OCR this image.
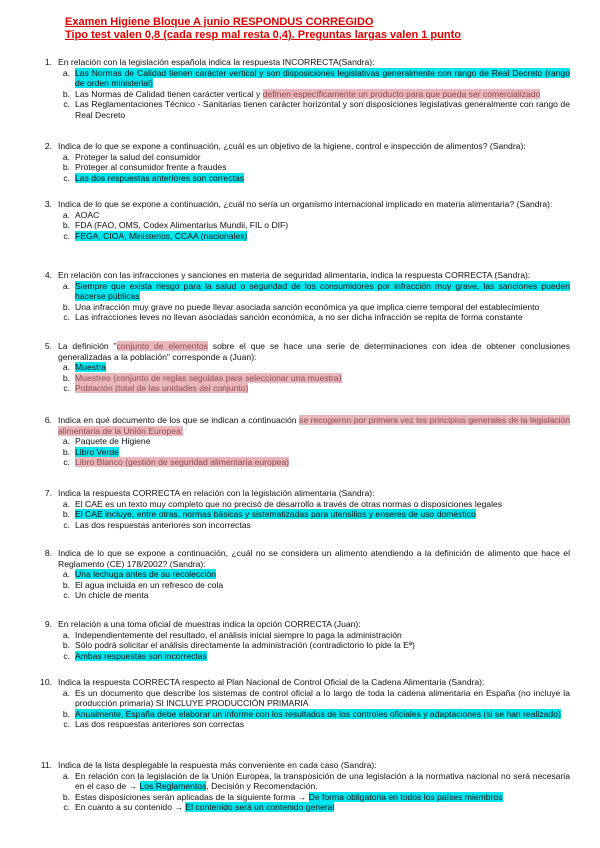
Examen Higiene Bloque A junio RESPONDUS CORREGIDO
Tipo test valen 0,8 (cada resp mal resta 0,4). Preguntas largas valen 1 punto
1. En relación con la legislación española indica la respuesta INCORRECTA(Sandra):
a. Las Normas de Calidad tienen carácter vertical y son disposiciones legislativas generalmente con rango de Real Decreto (rango de orden ministerial)
b. Las Normas de Calidad tienen carácter vertical y definen específicamente un producto para que pueda ser comercializado
c. Las Reglamentaciones Técnico - Sanitarias tienen carácter horizontal y son disposiciones legislativas generalmente con rango de Real Decreto
2. Indica de lo que se expone a continuación, ¿cuál es un objetivo de la higiene, control e inspección de alimentos? (Sandra):
a. Proteger la salud del consumidor
b. Proteger al consumidor frente a fraudes
c. Las dos respuestas anteriores son correctas
3. Indica de lo que se expone a continuación, ¿cuál no sería un organismo internacional implicado en materia alimentaria? (Sandra):
a. AOAC
b. FDA (FAO, OMS, Codex Alimentarius Mundii, FIL o DIF)
c. FEGA, CIOA, Ministerios, CCAA (nacionales)
4. En relación con las infracciones y sanciones en materia de seguridad alimentaria, indica la respuesta CORRECTA (Sandra):
a. Siempre que exista riesgo para la salud o seguridad de los consumidores por infracción muy grave, las sanciones pueden hacerse públicas
b. Una infracción muy grave no puede llevar asociada sanción económica ya que implica cierre temporal del establecimiento
c. Las infracciones leves no llevan asociadas sanción económica, a no ser dicha infracción se repita de forma constante
5. La definición "conjunto de elementos sobre el que se hace una serie de determinaciones con idea de obtener conclusiones generalizadas a la población" corresponde a (Juan):
a. Muestra
b. Muestreo (conjunto de reglas seguidas para seleccionar una muestra)
c. Población (total de las unidades del conjunto)
6. Indica en qué documento de los que se indican a continuación se recogieron por primera vez los principios generales de la legislación alimentaria de la Unión Europea:
a. Paquete de Higiene
b. Libro Verde
c. Libro Blanco (gestión de seguridad alimentaria europea)
7. Indica la respuesta CORRECTA en relación con la legislación alimentaria (Sandra):
a. El CAE es un texto muy completo que no precisó de desarrollo a través de otras normas o disposiciones legales
b. El CAE incluye, entre otras, normas básicas y sistematizadas para utensilios y enseres de uso doméstico
c. Las dos respuestas anteriores son incorrectas
8. Indica de lo que se expone a continuación, ¿cuál no se considera un alimento atendiendo a la definición de alimento que hace el Reglamento (CE) 178/2002? (Sandra):
a. Una lechuga antes de su recolección
b. El agua incluida en un refresco de cola
c. Un chicle de menta
9. En relación a una toma oficial de muestras indica la opción CORRECTA (Juan):
a. Independientemente del resultado, el análisis inicial siempre lo paga la administración
b. Sólo podrá solicitar el análisis directamente la administración (contradictorio lo pide la Eª)
c. Ambas respuestas son incorrectas
10. Indica la respuesta CORRECTA respecto al Plan Nacional de Control Oficial de la Cadena Alimentaria (Sandra):
a. Es un documento que describe los sistemas de control oficial a lo largo de toda la cadena alimentaria en España (no incluye la producción primaria) SI INCLUYE PRODUCCIÓN PRIMARIA
b. Anualmente, España debe elaborar un informe con los resultados de los controles oficiales y adaptaciones (si se han realizado)
c. Las dos respuestas anteriores son correctas
11. Indica de la lista desplegable la respuesta más conveniente en cada caso (Sandra):
a. En relación con la legislación de la Unión Europea, la transposición de una legislación a la normativa nacional no será necesaria en el caso de → Los Reglamentos, Decisión y Recomendación.
b. Estas disposiciones serán aplicadas de la siguiente forma → De forma obligatoria en todos los países miembros
c. En cuanto a su contenido → El contenido será un contenido general
